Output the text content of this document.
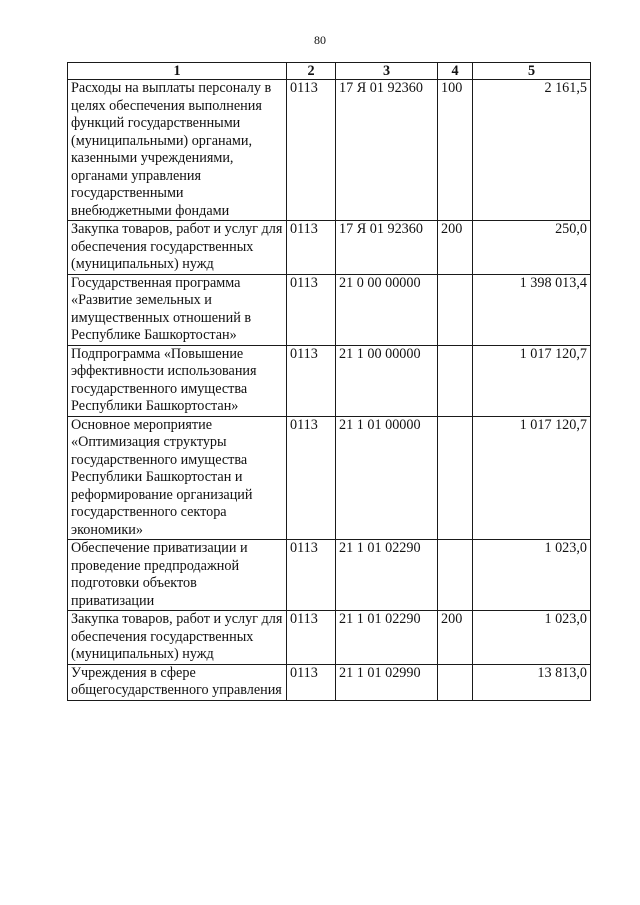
80
1	2	3	4	5
Расходы на выплаты персоналу в целях обеспечения выполнения функций государственными (муниципальными) органами, казенными учреждениями, органами управления государственными внебюджетными фондами	0113	17 Я 01 92360	100	2 161,5
Закупка товаров, работ и услуг для обеспечения государственных (муниципальных) нужд	0113	17 Я 01 92360	200	250,0
Государственная программа «Развитие земельных и имущественных отношений в Республике Башкортостан»	0113	21 0 00 00000		1 398 013,4
Подпрограмма «Повышение эффективности использования государственного имущества Республики Башкортостан»	0113	21 1 00 00000		1 017 120,7
Основное мероприятие «Оптимизация структуры государственного имущества Республики Башкортостан и реформирование организаций государственного сектора экономики»	0113	21 1 01 00000		1 017 120,7
Обеспечение приватизации и проведение предпродажной подготовки объектов приватизации	0113	21 1 01 02290		1 023,0
Закупка товаров, работ и услуг для обеспечения государственных (муниципальных) нужд	0113	21 1 01 02290	200	1 023,0
Учреждения в сфере общегосударственного управления	0113	21 1 01 02990		13 813,0
